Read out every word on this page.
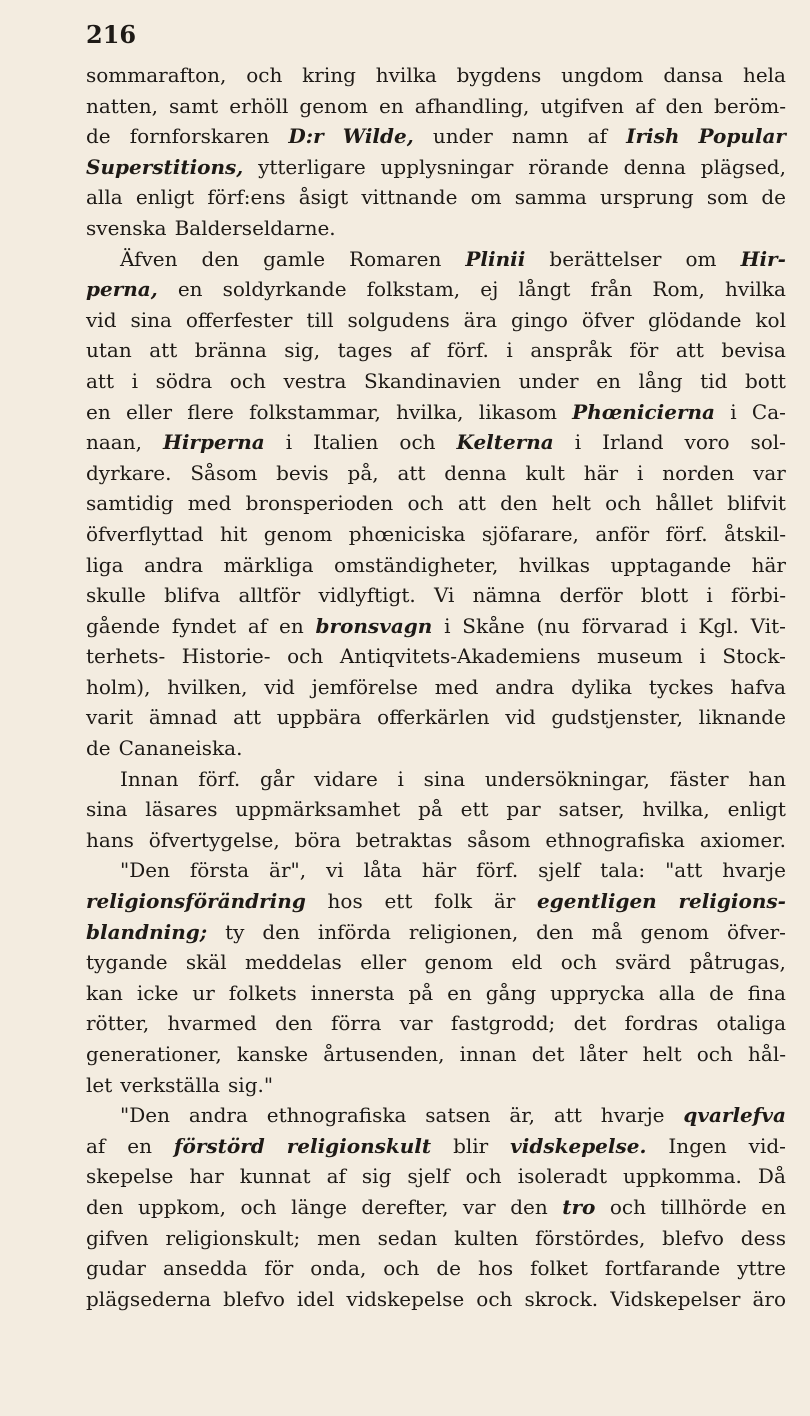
216
sommarafton, och kring hvilka bygdens ungdom dansa hela
natten, samt erhöll genom en afhandling, utgifven af den beröm-
de fornforskaren D:r Wilde, under namn af Irish Popular
Superstitions, ytterligare upplysningar rörande denna plägsed,
alla enligt förf:ens åsigt vittnande om samma ursprung som de
svenska Balderseldarne.
Äfven den gamle Romaren Plinii berättelser om Hir-
perna, en soldyrkande folkstam, ej långt från Rom, hvilka
vid sina offerfester till solgudens ära gingo öfver glödande kol
utan att bränna sig, tages af förf. i anspråk för att bevisa
att i södra och vestra Skandinavien under en lång tid bott
en eller flere folkstammar, hvilka, likasom Phœnicierna i Ca-
naan, Hirperna i Italien och Kelterna i Irland voro sol-
dyrkare. Såsom bevis på, att denna kult här i norden var
samtidig med bronsperioden och att den helt och hållet blifvit
öfverflyttad hit genom phœniciska sjöfarare, anför förf. åtskil-
liga andra märkliga omständigheter, hvilkas upptagande här
skulle blifva alltför vidlyftigt. Vi nämna derför blott i förbi-
gående fyndet af en bronsvagn i Skåne (nu förvarad i Kgl. Vit-
terhets- Historie- och Antiqvitets-Akademiens museum i Stock-
holm), hvilken, vid jemförelse med andra dylika tyckes hafva
varit ämnad att uppbära offerkärlen vid gudstjenster, liknande
de Cananeiska.
Innan förf. går vidare i sina undersökningar, fäster han
sina läsares uppmärksamhet på ett par satser, hvilka, enligt
hans öfvertygelse, böra betraktas såsom ethnografiska axiomer.
"Den första är", vi låta här förf. sjelf tala: "att hvarje
religionsförändring hos ett folk är egentligen religions-
blandning; ty den införda religionen, den må genom öfver-
tygande skäl meddelas eller genom eld och svärd påtrugas,
kan icke ur folkets innersta på en gång upprycka alla de fina
rötter, hvarmed den förra var fastgrodd; det fordras otaliga
generationer, kanske årtusenden, innan det låter helt och hål-
let verkställa sig."
"Den andra ethnografiska satsen är, att hvarje qvarlefva
af en förstörd religionskult blir vidskepelse. Ingen vid-
skepelse har kunnat af sig sjelf och isoleradt uppkomma. Då
den uppkom, och länge derefter, var den tro och tillhörde en
gifven religionskult; men sedan kulten förstördes, blefvo dess
gudar ansedda för onda, och de hos folket fortfarande yttre
plägsederna blefvo idel vidskepelse och skrock. Vidskepelser äro
